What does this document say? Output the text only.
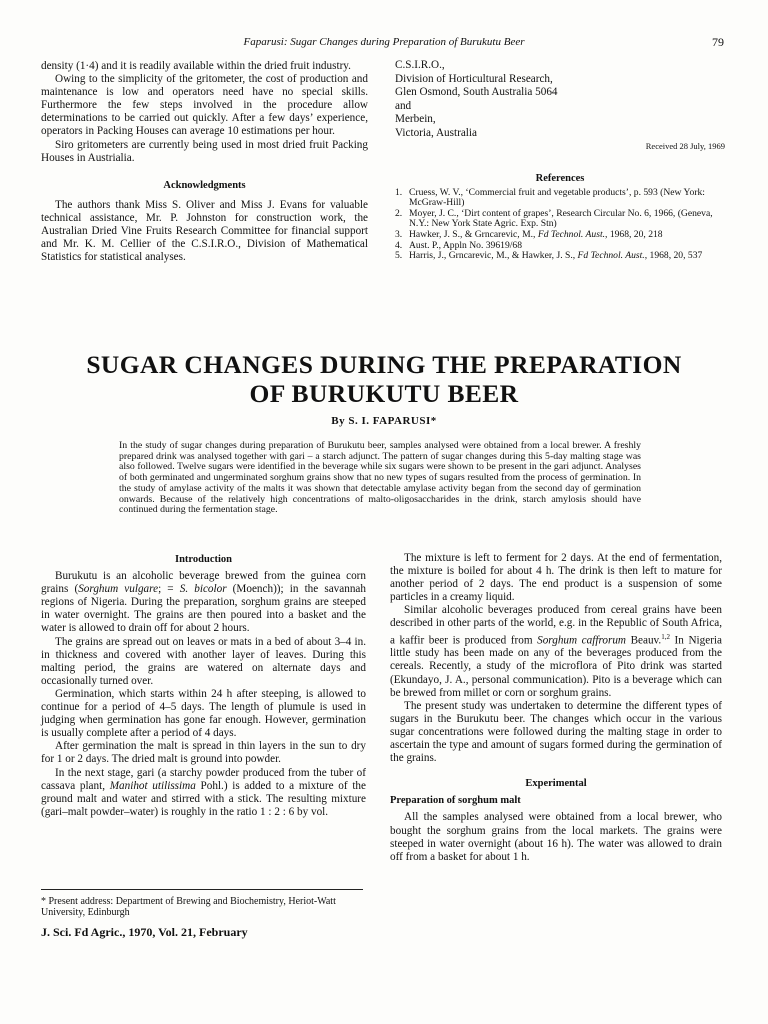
Faparusi: Sugar Changes during Preparation of Burukutu Beer	79

density (1·4) and it is readily available within the dried fruit industry.

Owing to the simplicity of the gritometer, the cost of production and maintenance is low and operators need have no special skills. Furthermore the few steps involved in the procedure allow determinations to be carried out quickly. After a few days’ experience, operators in Packing Houses can average 10 estimations per hour.

Siro gritometers are currently being used in most dried fruit Packing Houses in Austrialia.

Acknowledgments

The authors thank Miss S. Oliver and Miss J. Evans for valuable technical assistance, Mr. P. Johnston for construction work, the Australian Dried Vine Fruits Research Committee for financial support and Mr. K. M. Cellier of the C.S.I.R.O., Division of Mathematical Statistics for statistical analyses.

C.S.I.R.O.,
Division of Horticultural Research,
Glen Osmond, South Australia 5064
and
Merbein,
Victoria, Australia
Received 28 July, 1969
References
1. Cruess, W. V., ‘Commercial fruit and vegetable products’, p. 593 (New York: McGraw-Hill)
2. Moyer, J. C., ‘Dirt content of grapes’, Research Circular No. 6, 1966, (Geneva, N.Y.: New York State Agric. Exp. Stn)
3. Hawker, J. S., & Grncarevic, M., Fd Technol. Aust., 1968, 20, 218
4. Aust. P., Appln No. 39619/68
5. Harris, J., Grncarevic, M., & Hawker, J. S., Fd Technol. Aust., 1968, 20, 537
SUGAR CHANGES DURING THE PREPARATION
OF BURUKUTU BEER
By S. I. FAPARUSI*
In the study of sugar changes during preparation of Burukutu beer, samples analysed were obtained from a local brewer. A freshly prepared drink was analysed together with gari – a starch adjunct. The pattern of sugar changes during this 5-day malting stage was also followed. Twelve sugars were identified in the beverage while six sugars were shown to be present in the gari adjunct. Analyses of both germinated and ungerminated sorghum grains show that no new types of sugars resulted from the process of germination. In the study of amylase activity of the malts it was shown that detectable amylase activity began from the second day of germination onwards. Because of the relatively high concentrations of malto-oligosaccharides in the drink, starch amylosis should have continued during the fermentation stage.
Introduction

Burukutu is an alcoholic beverage brewed from the guinea corn grains (Sorghum vulgare; = S. bicolor (Moench)); in the savannah regions of Nigeria. During the preparation, sorghum grains are steeped in water overnight. The grains are then poured into a basket and the water is allowed to drain off for about 2 hours.

The grains are spread out on leaves or mats in a bed of about 3–4 in. in thickness and covered with another layer of leaves. During this malting period, the grains are watered on alternate days and occasionally turned over.

Germination, which starts within 24 h after steeping, is allowed to continue for a period of 4–5 days. The length of plumule is used in judging when germination has gone far enough. However, germination is usually complete after a period of 4 days.

After germination the malt is spread in thin layers in the sun to dry for 1 or 2 days. The dried malt is ground into powder.

In the next stage, gari (a starchy powder produced from the tuber of cassava plant, Manihot utilissima Pohl.) is added to a mixture of the ground malt and water and stirred with a stick. The resulting mixture (gari–malt powder–water) is roughly in the ratio 1 : 2 : 6 by vol.

* Present address: Department of Brewing and Biochemistry, Heriot-Watt University, Edinburgh
J. Sci. Fd Agric., 1970, Vol. 21, February

The mixture is left to ferment for 2 days. At the end of fermentation, the mixture is boiled for about 4 h. The drink is then left to mature for another period of 2 days. The end product is a suspension of some particles in a creamy liquid.

Similar alcoholic beverages produced from cereal grains have been described in other parts of the world, e.g. in the Republic of South Africa, a kaffir beer is produced from Sorghum caffrorum Beauv.$^{1,2}$ In Nigeria little study has been made on any of the beverages produced from the cereals. Recently, a study of the microflora of Pito drink was started (Ekundayo, J. A., personal communication). Pito is a beverage which can be brewed from millet or corn or sorghum grains.

The present study was undertaken to determine the different types of sugars in the Burukutu beer. The changes which occur in the various sugar concentrations were followed during the malting stage in order to ascertain the type and amount of sugars formed during the germination of the grains.

Experimental
Preparation of sorghum malt

All the samples analysed were obtained from a local brewer, who bought the sorghum grains from the local markets. The grains were steeped in water overnight (about 16 h). The water was allowed to drain off from a basket for about 1 h.
